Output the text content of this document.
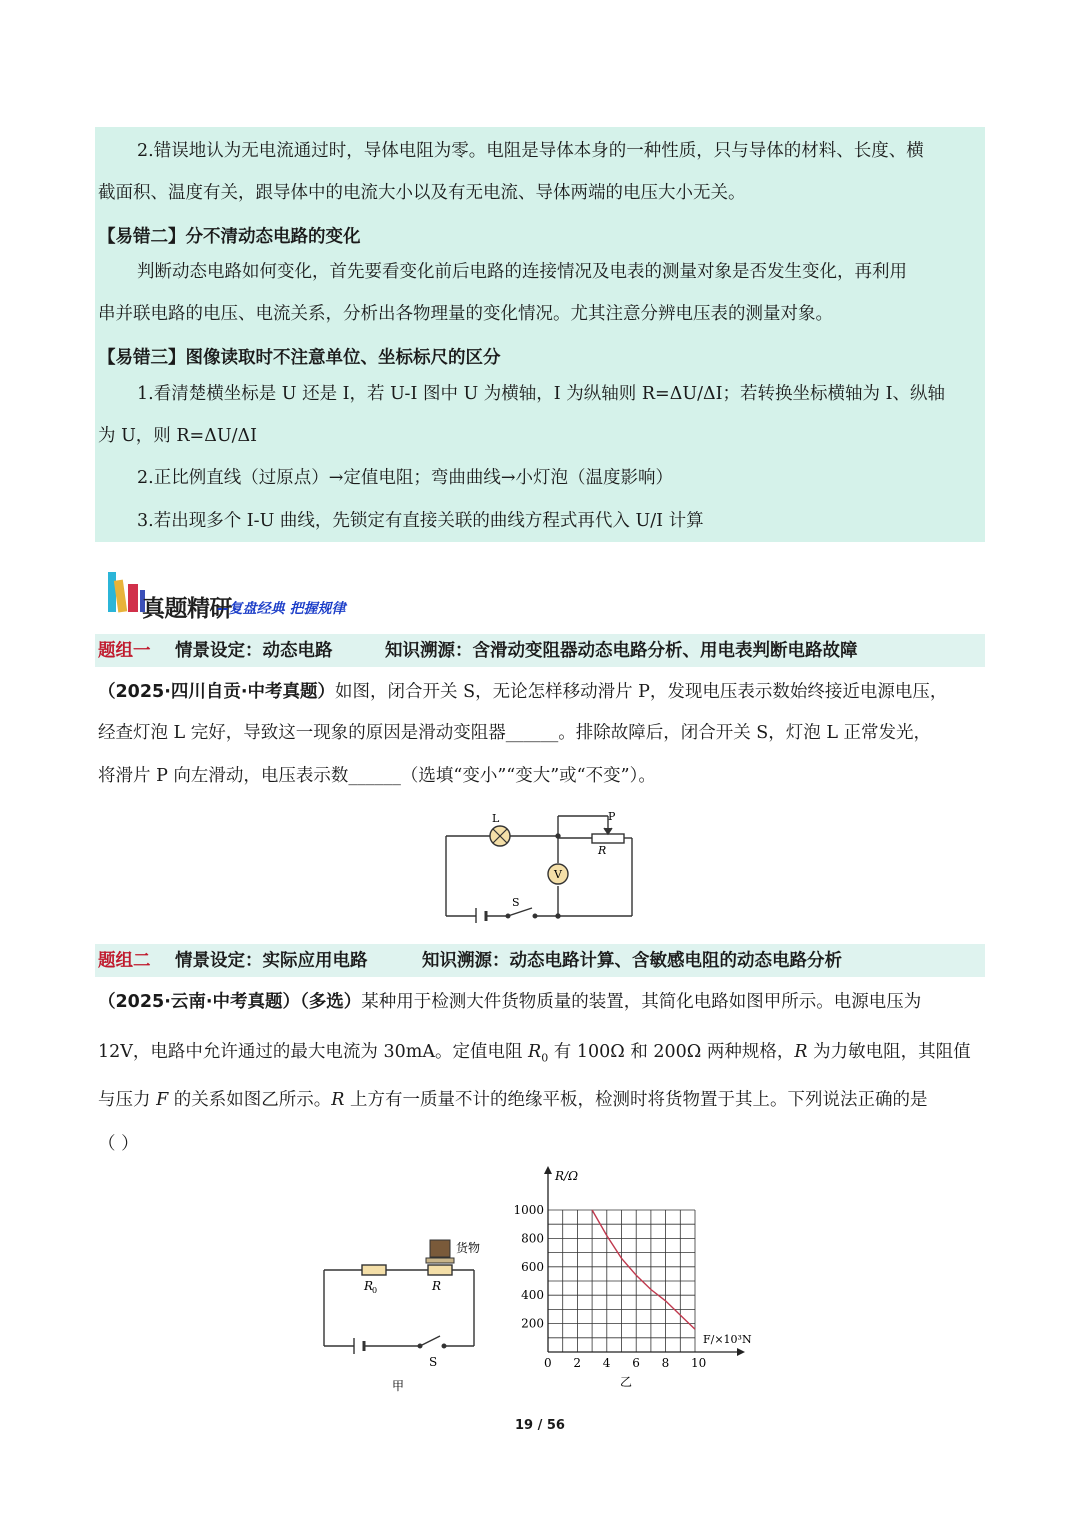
2.错误地认为无电流通过时，导体电阻为零。电阻是导体本身的一种性质，只与导体的材料、长度、横
截面积、温度有关，跟导体中的电流大小以及有无电流、导体两端的电压大小无关。
【易错二】分不清动态电路的变化
判断动态电路如何变化，首先要看变化前后电路的连接情况及电表的测量对象是否发生变化，再利用
串并联电路的电压、电流关系，分析出各物理量的变化情况。尤其注意分辨电压表的测量对象。
【易错三】图像读取时不注意单位、坐标标尺的区分
1.看清楚横坐标是 U 还是 I，若 U-I 图中 U 为横轴，I 为纵轴则 R=ΔU/ΔI；若转换坐标横轴为 I、纵轴
为 U，则 R=ΔU/ΔI
2.正比例直线（过原点）→定值电阻；弯曲曲线→小灯泡（温度影响）
3.若出现多个 I-U 曲线，先锁定有直接关联的曲线方程式再代入 U/I 计算
真题精研
--复盘经典 把握规律
题组一 情景设定：动态电路	知识溯源：含滑动变阻器动态电路分析、用电表判断电路故障
（2025·四川自贡·中考真题）如图，闭合开关 S，无论怎样移动滑片 P，发现电压表示数始终接近电源电压，
经查灯泡 L 完好，导致这一现象的原因是滑动变阻器______。排除故障后，闭合开关 S，灯泡 L 正常发光，
将滑片 P 向左滑动，电压表示数______（选填“变小”“变大”或“不变”）。
L	P
R
V
S
题组二 情景设定：实际应用电路	知识溯源：动态电路计算、含敏感电阻的动态电路分析
（2025·云南·中考真题）（多选）某种用于检测大件货物质量的装置，其简化电路如图甲所示。电源电压为
12V，电路中允许通过的最大电流为 30mA。定值电阻 $R_0$ 有 100Ω 和 200Ω 两种规格，R 为力敏电阻，其阻值
与压力 F 的关系如图乙所示。R 上方有一质量不计的绝缘平板，检测时将货物置于其上。下列说法正确的是
（ ）
货物
R
0	R
S
甲
0 2 4 6 8 10
200
400
600
800
1000
R/Ω
F/×10³N
乙
19 / 56
